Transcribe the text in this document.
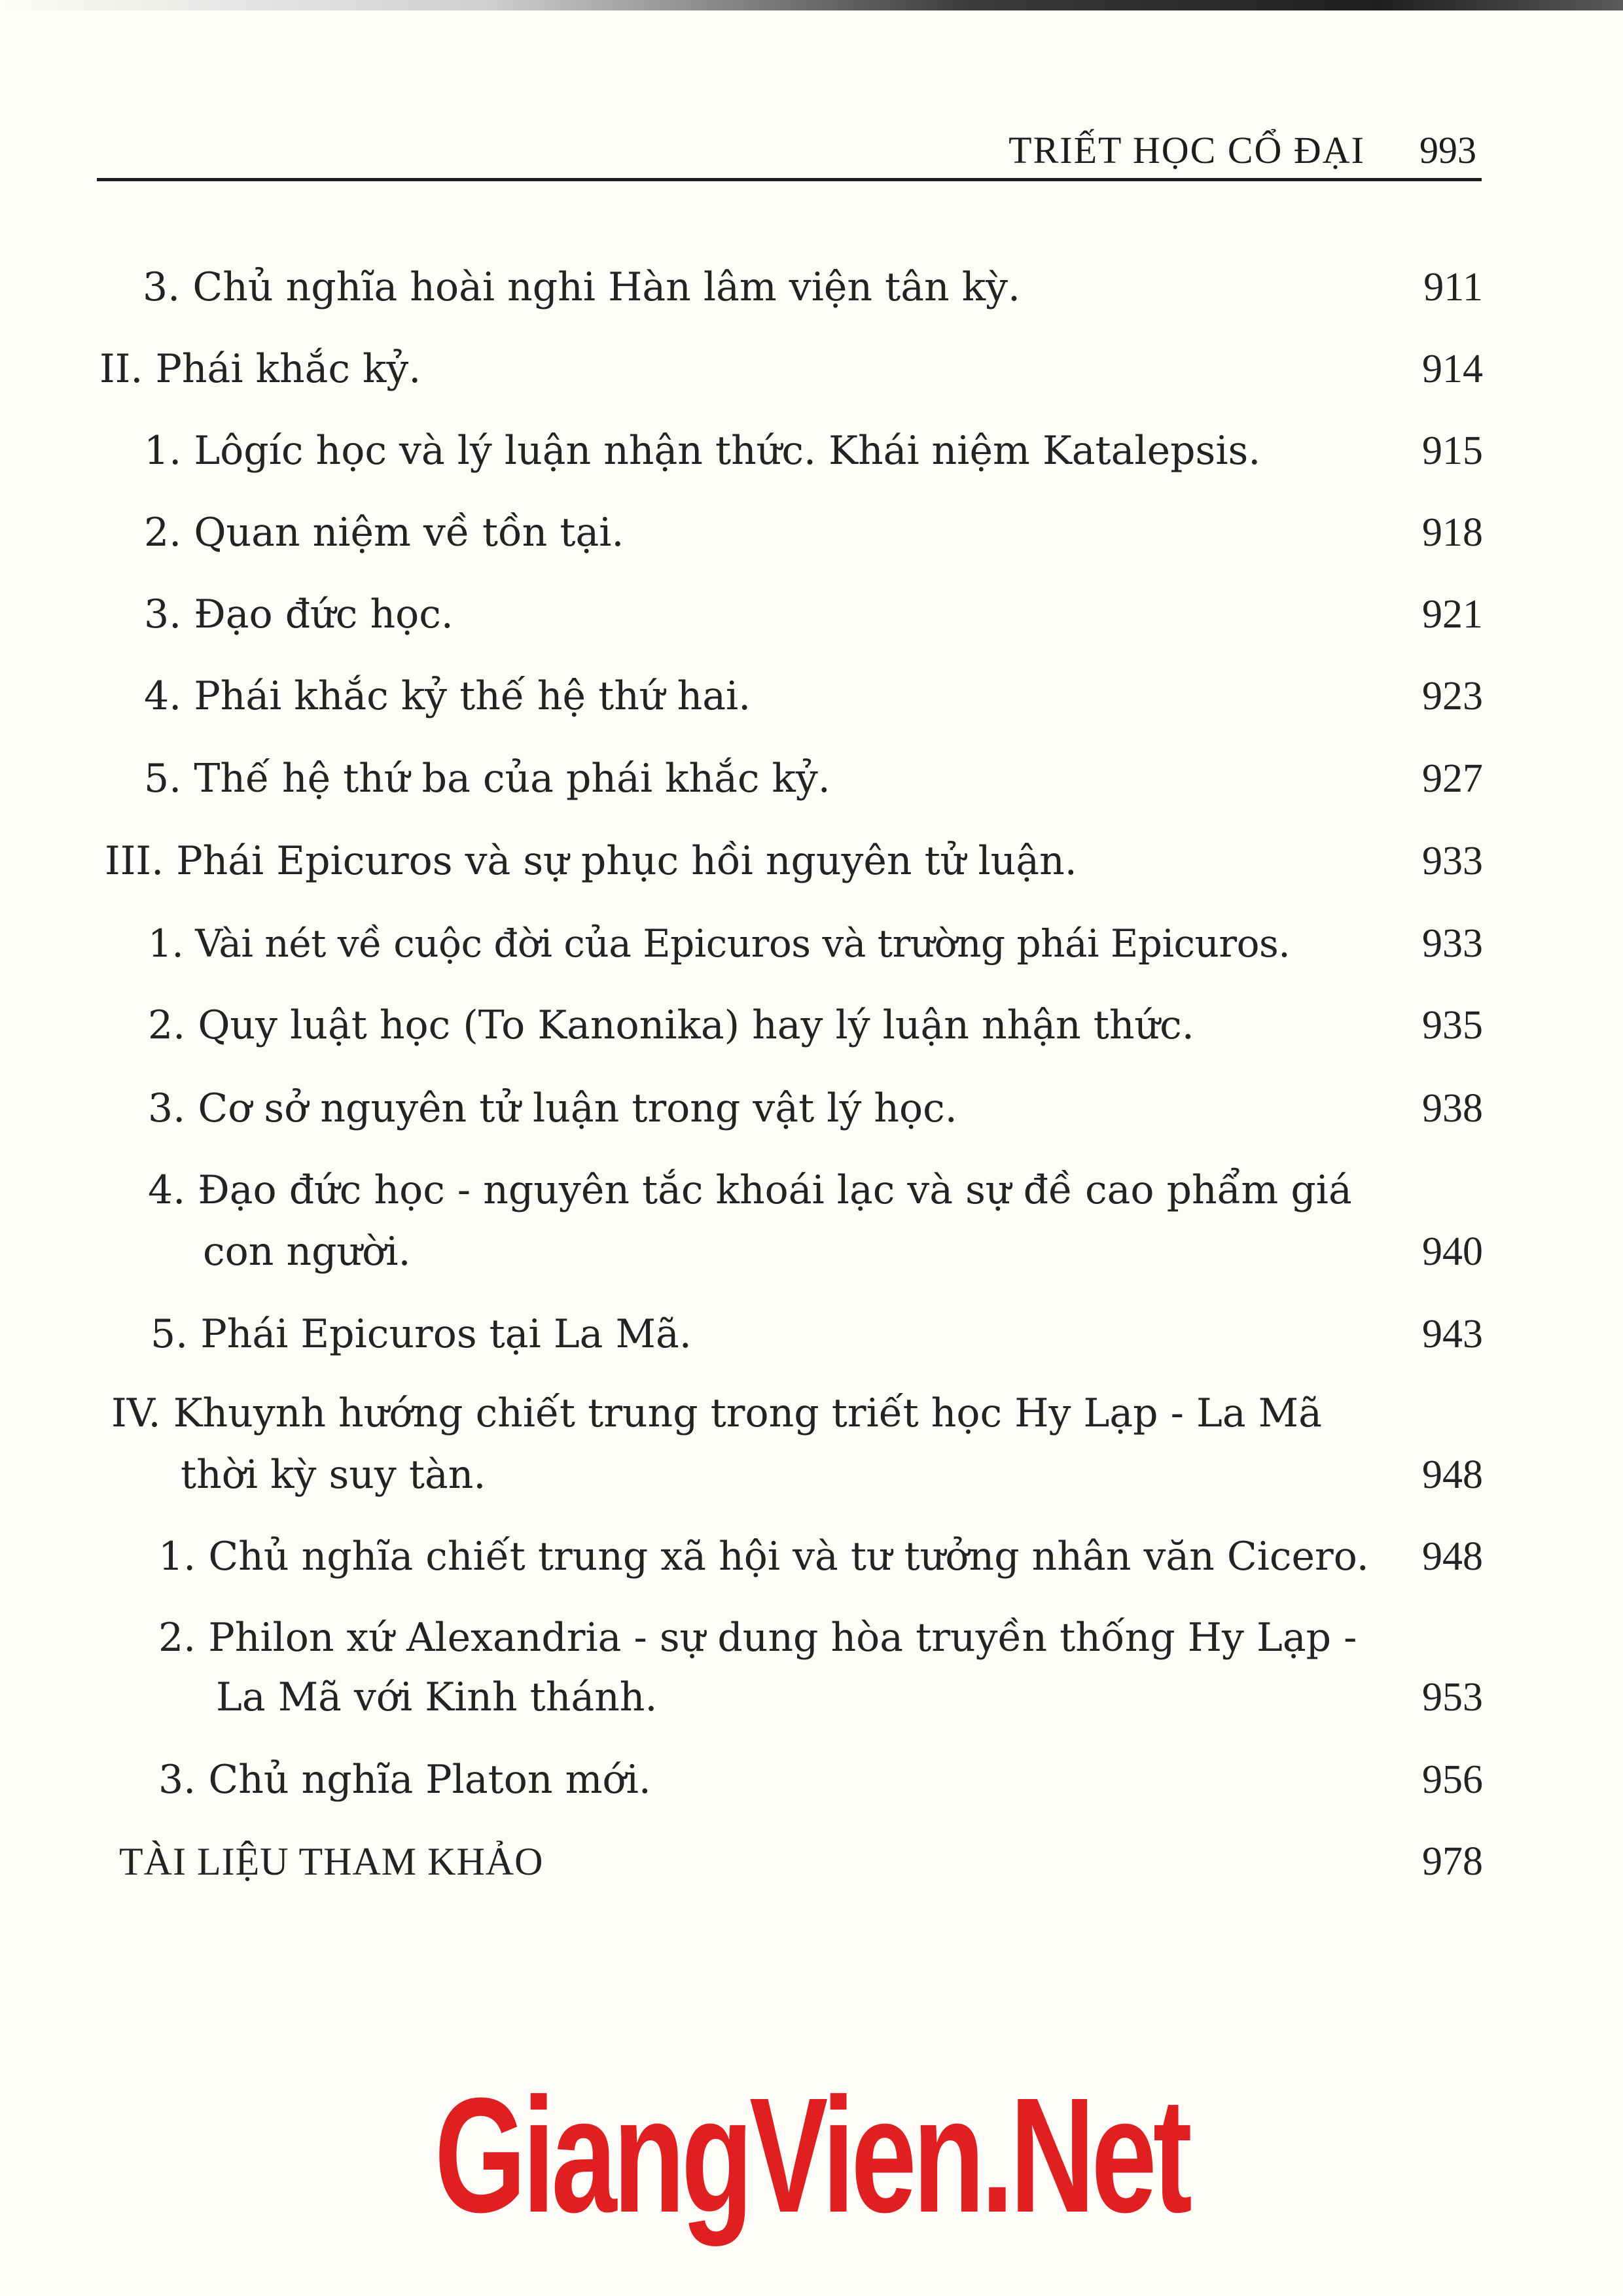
TRIẾT HỌC CỔ ĐẠI 993
3. Chủ nghĩa hoài nghi Hàn lâm viện tân kỳ.	911
II. Phái khắc kỷ.	914
1. Lôgíc học và lý luận nhận thức. Khái niệm Katalepsis.	915
2. Quan niệm về tồn tại.	918
3. Đạo đức học.	921
4. Phái khắc kỷ thế hệ thứ hai.	923
5. Thế hệ thứ ba của phái khắc kỷ.	927
III. Phái Epicuros và sự phục hồi nguyên tử luận.	933
1. Vài nét về cuộc đời của Epicuros và trường phái Epicuros.	933
2. Quy luật học (To Kanonika) hay lý luận nhận thức.	935
3. Cơ sở nguyên tử luận trong vật lý học.	938
4. Đạo đức học - nguyên tắc khoái lạc và sự đề cao phẩm giá
con người.	940
5. Phái Epicuros tại La Mã.	943
IV. Khuynh hướng chiết trung trong triết học Hy Lạp - La Mã
thời kỳ suy tàn.	948
1. Chủ nghĩa chiết trung xã hội và tư tưởng nhân văn Cicero. 948
2. Philon xứ Alexandria - sự dung hòa truyền thống Hy Lạp -
La Mã với Kinh thánh.	953
3. Chủ nghĩa Platon mới.	956
TÀI LIỆU THAM KHẢO	978
GiangVien.Net
